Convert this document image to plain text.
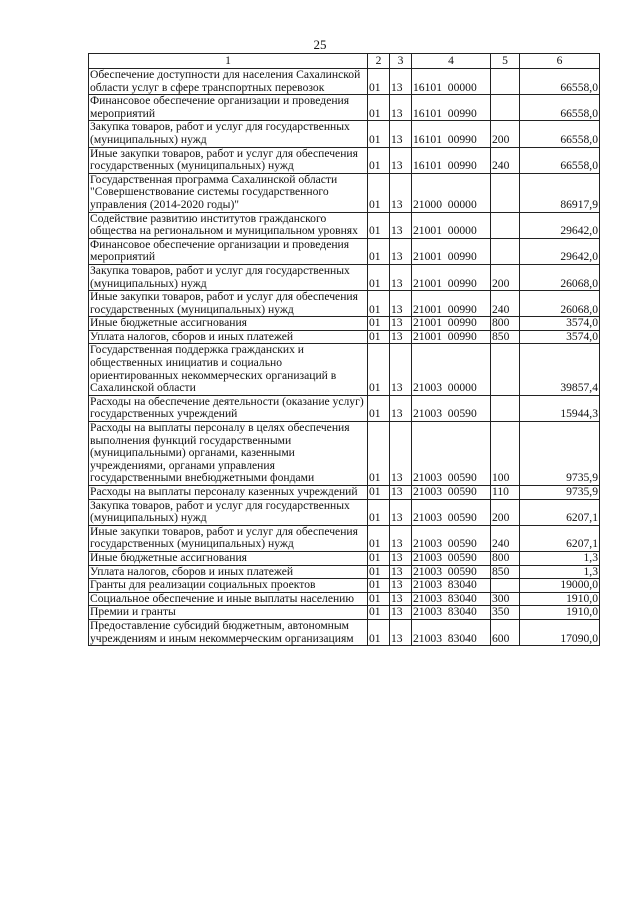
25
1	2	3	4	5	6
Обеспечение доступности для населения Сахалинской области услуг в сфере транспортных перевозок	01	13	16101  00000		66558,0
Финансовое обеспечение организации и проведения мероприятий	01	13	16101  00990		66558,0
Закупка товаров, работ и услуг для государственных (муниципальных) нужд	01	13	16101  00990	200	66558,0
Иные закупки товаров, работ и услуг для обеспечения государственных (муниципальных) нужд	01	13	16101  00990	240	66558,0
Государственная программа Сахалинской области "Совершенствование системы государственного управления (2014-2020 годы)"	01	13	21000  00000		86917,9
Содействие развитию институтов гражданского общества на региональном и муниципальном уровнях	01	13	21001  00000		29642,0
Финансовое обеспечение организации и проведения мероприятий	01	13	21001  00990		29642,0
Закупка товаров, работ и услуг для государственных (муниципальных) нужд	01	13	21001  00990	200	26068,0
Иные закупки товаров, работ и услуг для обеспечения государственных (муниципальных) нужд	01	13	21001  00990	240	26068,0
Иные бюджетные ассигнования	01	13	21001  00990	800	3574,0
Уплата налогов, сборов и иных платежей	01	13	21001  00990	850	3574,0
Государственная поддержка гражданских и общественных инициатив и социально ориентированных некоммерческих организаций в Сахалинской области	01	13	21003  00000		39857,4
Расходы на обеспечение деятельности (оказание услуг) государственных учреждений	01	13	21003  00590		15944,3
Расходы на выплаты персоналу в целях обеспечения выполнения функций государственными (муниципальными) органами, казенными учреждениями, органами управления государственными внебюджетными фондами	01	13	21003  00590	100	9735,9
Расходы на выплаты персоналу казенных учреждений	01	13	21003  00590	110	9735,9
Закупка товаров, работ и услуг для государственных (муниципальных) нужд	01	13	21003  00590	200	6207,1
Иные закупки товаров, работ и услуг для обеспечения государственных (муниципальных) нужд	01	13	21003  00590	240	6207,1
Иные бюджетные ассигнования	01	13	21003  00590	800	1,3
Уплата налогов, сборов и иных платежей	01	13	21003  00590	850	1,3
Гранты для реализации социальных проектов	01	13	21003  83040		19000,0
Социальное обеспечение и иные выплаты населению	01	13	21003  83040	300	1910,0
Премии и гранты	01	13	21003  83040	350	1910,0
Предоставление субсидий бюджетным, автономным учреждениям и иным некоммерческим организациям	01	13	21003  83040	600	17090,0
